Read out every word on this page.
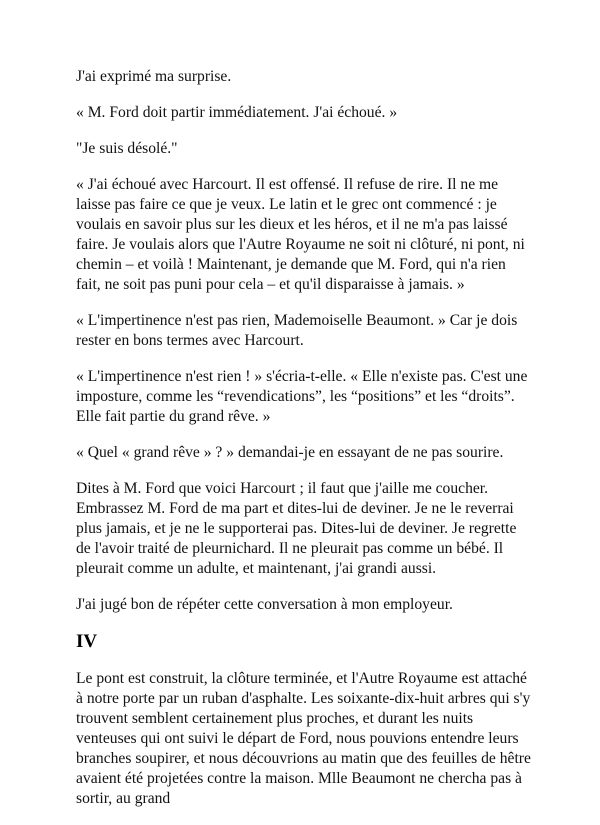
J'ai exprimé ma surprise.

« M. Ford doit partir immédiatement. J'ai échoué. »

"Je suis désolé."

« J'ai échoué avec Harcourt. Il est offensé. Il refuse de rire. Il ne me laisse pas faire ce que je veux. Le latin et le grec ont commencé : je voulais en savoir plus sur les dieux et les héros, et il ne m'a pas laissé faire. Je voulais alors que l'Autre Royaume ne soit ni clôturé, ni pont, ni chemin – et voilà ! Maintenant, je demande que M. Ford, qui n'a rien fait, ne soit pas puni pour cela – et qu'il disparaisse à jamais. »

« L'impertinence n'est pas rien, Mademoiselle Beaumont. » Car je dois rester en bons termes avec Harcourt.

« L'impertinence n'est rien ! » s'écria-t-elle. « Elle n'existe pas. C'est une imposture, comme les “revendications”, les “positions” et les “droits”. Elle fait partie du grand rêve. »

« Quel « grand rêve » ? » demandai-je en essayant de ne pas sourire.

Dites à M. Ford que voici Harcourt ; il faut que j'aille me coucher. Embrassez M. Ford de ma part et dites-lui de deviner. Je ne le reverrai plus jamais, et je ne le supporterai pas. Dites-lui de deviner. Je regrette de l'avoir traité de pleurnichard. Il ne pleurait pas comme un bébé. Il pleurait comme un adulte, et maintenant, j'ai grandi aussi.

J'ai jugé bon de répéter cette conversation à mon employeur.

IV

Le pont est construit, la clôture terminée, et l'Autre Royaume est attaché à notre porte par un ruban d'asphalte. Les soixante-dix-huit arbres qui s'y trouvent semblent certainement plus proches, et durant les nuits venteuses qui ont suivi le départ de Ford, nous pouvions entendre leurs branches soupirer, et nous découvrions au matin que des feuilles de hêtre avaient été projetées contre la maison. Mlle Beaumont ne chercha pas à sortir, au grand
